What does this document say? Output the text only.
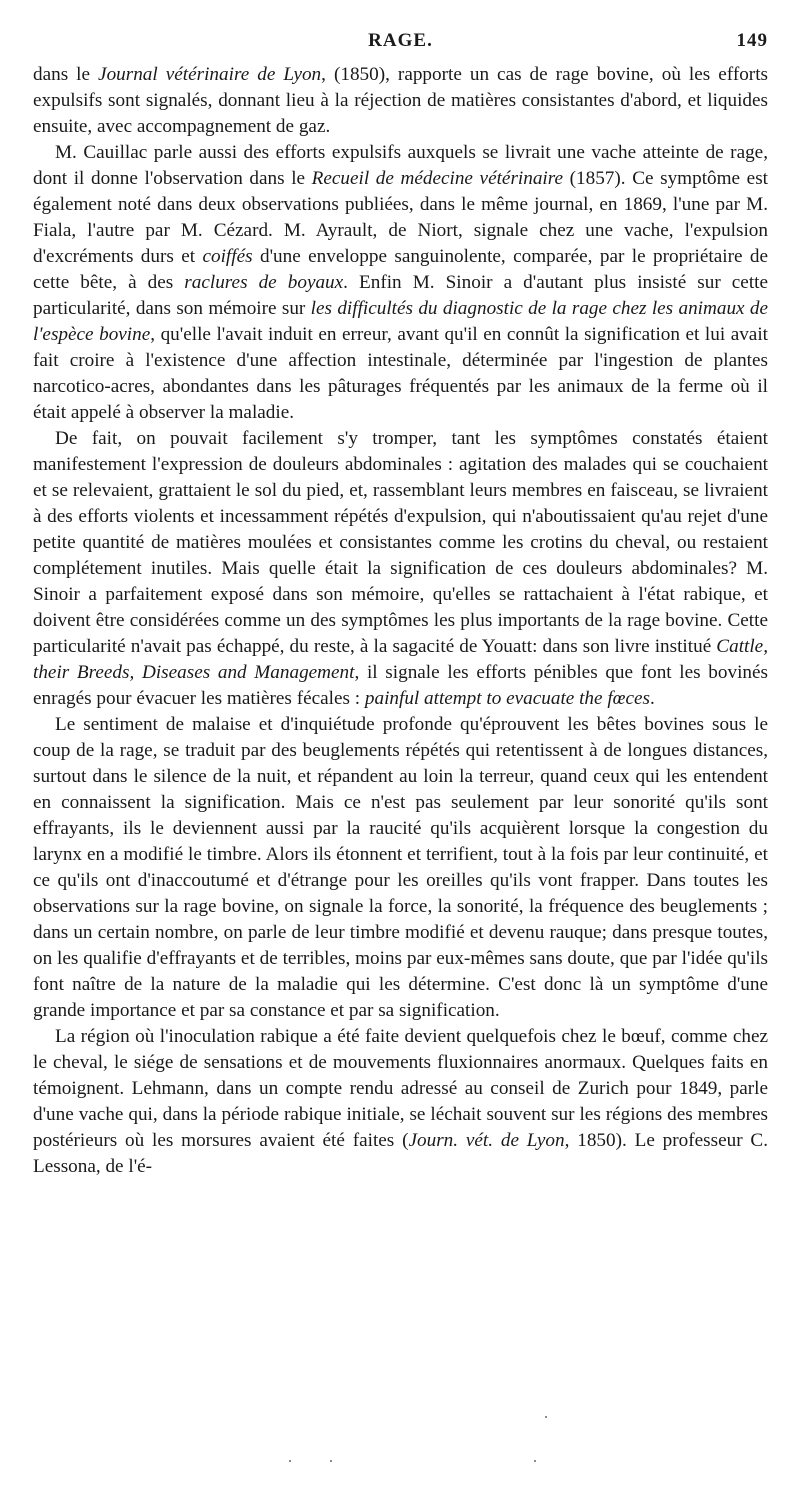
RAGE.	149

dans le Journal vétérinaire de Lyon, (1850), rapporte un cas de rage bovine, où les efforts expulsifs sont signalés, donnant lieu à la réjection de matières consistantes d'abord, et liquides ensuite, avec accompagnement de gaz.

M. Cauillac parle aussi des efforts expulsifs auxquels se livrait une vache atteinte de rage, dont il donne l'observation dans le Recueil de médecine vétérinaire (1857). Ce symptôme est également noté dans deux observations publiées, dans le même journal, en 1869, l'une par M. Fiala, l'autre par M. Cézard. M. Ayrault, de Niort, signale chez une vache, l'expulsion d'excréments durs et coiffés d'une enveloppe sanguinolente, comparée, par le propriétaire de cette bête, à des raclures de boyaux. Enfin M. Sinoir a d'autant plus insisté sur cette particularité, dans son mémoire sur les difficultés du diagnostic de la rage chez les animaux de l'espèce bovine, qu'elle l'avait induit en erreur, avant qu'il en connût la signification et lui avait fait croire à l'existence d'une affection intestinale, déterminée par l'ingestion de plantes narcotico-acres, abondantes dans les pâturages fréquentés par les animaux de la ferme où il était appelé à observer la maladie.

De fait, on pouvait facilement s'y tromper, tant les symptômes constatés étaient manifestement l'expression de douleurs abdominales : agitation des malades qui se couchaient et se relevaient, grattaient le sol du pied, et, rassemblant leurs membres en faisceau, se livraient à des efforts violents et incessamment répétés d'expulsion, qui n'aboutissaient qu'au rejet d'une petite quantité de matières moulées et consistantes comme les crotins du cheval, ou restaient complétement inutiles. Mais quelle était la signification de ces douleurs abdominales? M. Sinoir a parfaitement exposé dans son mémoire, qu'elles se rattachaient à l'état rabique, et doivent être considérées comme un des symptômes les plus importants de la rage bovine. Cette particularité n'avait pas échappé, du reste, à la sagacité de Youatt: dans son livre institué Cattle, their Breeds, Diseases and Management, il signale les efforts pénibles que font les bovinés enragés pour évacuer les matières fécales : painful attempt to evacuate the fœces.

Le sentiment de malaise et d'inquiétude profonde qu'éprouvent les bêtes bovines sous le coup de la rage, se traduit par des beuglements répétés qui retentissent à de longues distances, surtout dans le silence de la nuit, et répandent au loin la terreur, quand ceux qui les entendent en connaissent la signification. Mais ce n'est pas seulement par leur sonorité qu'ils sont effrayants, ils le deviennent aussi par la raucité qu'ils acquièrent lorsque la congestion du larynx en a modifié le timbre. Alors ils étonnent et terrifient, tout à la fois par leur continuité, et ce qu'ils ont d'inaccoutumé et d'étrange pour les oreilles qu'ils vont frapper. Dans toutes les observations sur la rage bovine, on signale la force, la sonorité, la fréquence des beuglements ; dans un certain nombre, on parle de leur timbre modifié et devenu rauque; dans presque toutes, on les qualifie d'effrayants et de terribles, moins par eux-mêmes sans doute, que par l'idée qu'ils font naître de la nature de la maladie qui les détermine. C'est donc là un symptôme d'une grande importance et par sa constance et par sa signification.

La région où l'inoculation rabique a été faite devient quelquefois chez le bœuf, comme chez le cheval, le siége de sensations et de mouvements fluxionnaires anormaux. Quelques faits en témoignent. Lehmann, dans un compte rendu adressé au conseil de Zurich pour 1849, parle d'une vache qui, dans la période rabique initiale, se léchait souvent sur les régions des membres postérieurs où les morsures avaient été faites (Journ. vét. de Lyon, 1850). Le professeur C. Lessona, de l'é-
